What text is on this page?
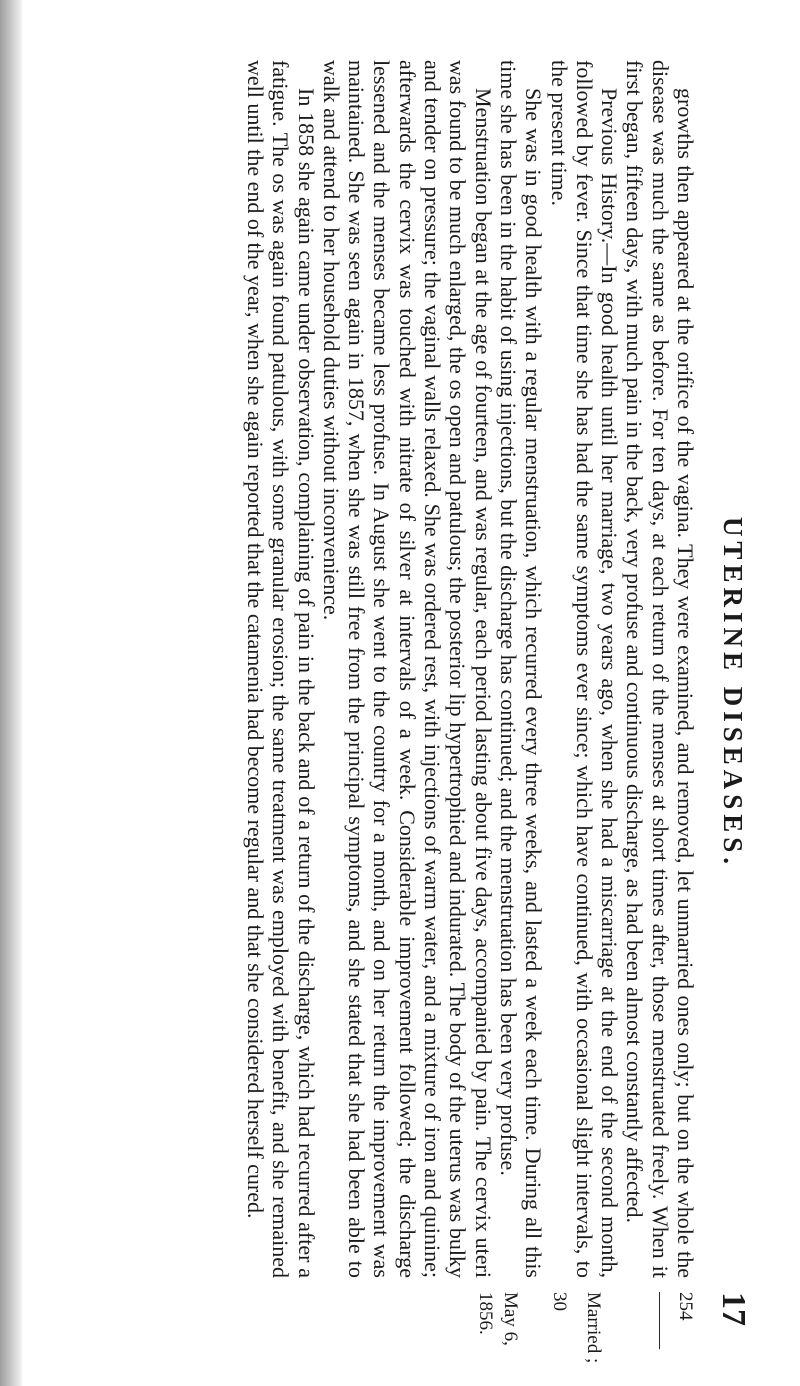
UTERINE DISEASES.
17

growths then appeared at the orifice of the vagina. They were examined, and removed, let unmarried ones only; but on the whole the disease was much the same as before. For ten days, at each return of the menses at short times after, those menstruated freely. When it first began, fifteen days, with much pain in the back, very profuse and continuous discharge, as had been almost constantly affected.

Previous History.—In good health until her marriage, two years ago, when she had a miscarriage at the end of the second month, followed by fever. Since that time she has had the same symptoms ever since; which have continued, with occasional slight intervals, to the present time.

She was in good health with a regular menstruation, which recurred every three weeks, and lasted a week each time. During all this time she has been in the habit of using injections, but the discharge has continued; and the menstruation has been very profuse.

Menstruation began at the age of fourteen, and was regular, each period lasting about five days, accompanied by pain. The cervix uteri was found to be much enlarged, the os open and patulous; the posterior lip hypertrophied and indurated. The body of the uterus was bulky and tender on pressure; the vaginal walls relaxed. She was ordered rest, with injections of warm water, and a mixture of iron and quinine; afterwards the cervix was touched with nitrate of silver at intervals of a week. Considerable improvement followed; the discharge lessened and the menses became less profuse. In August she went to the country for a month, and on her return the improvement was maintained. She was seen again in 1857, when she was still free from the principal symptoms, and she stated that she had been able to walk and attend to her household duties without inconvenience.

In 1858 she again came under observation, complaining of pain in the back and of a return of the discharge, which had recurred after a fatigue. The os was again found patulous, with some granular erosion; the same treatment was employed with benefit, and she remained well until the end of the year, when she again reported that the catamenia had become regular and that she considered herself cured.

254
———
Married ;
30
May 6,
1856.
